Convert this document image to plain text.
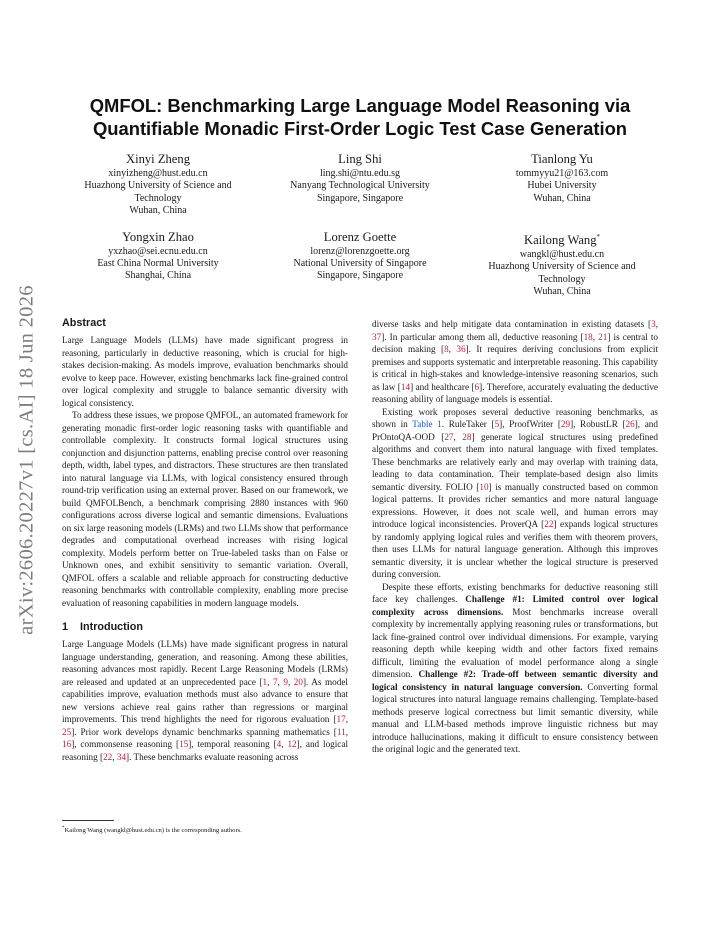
arXiv:2606.20227v1 [cs.AI] 18 Jun 2026
QMFOL: Benchmarking Large Language Model Reasoning via Quantifiable Monadic First-Order Logic Test Case Generation
Xinyi Zheng
xinyizheng@hust.edu.cn
Huazhong University of Science and Technology
Wuhan, China
Ling Shi
ling.shi@ntu.edu.sg
Nanyang Technological University
Singapore, Singapore
Tianlong Yu
tommyyu21@163.com
Hubei University
Wuhan, China
Yongxin Zhao
yxzhao@sei.ecnu.edu.cn
East China Normal University
Shanghai, China
Lorenz Goette
lorenz@lorenzgoette.org
National University of Singapore
Singapore, Singapore
Kailong Wang*
wangkl@hust.edu.cn
Huazhong University of Science and Technology
Wuhan, China
Abstract

Large Language Models (LLMs) have made significant progress in reasoning, particularly in deductive reasoning, which is crucial for high-stakes decision-making. As models improve, evaluation benchmarks should evolve to keep pace. However, existing benchmarks lack fine-grained control over logical complexity and struggle to balance semantic diversity with logical consistency.

To address these issues, we propose QMFOL, an automated framework for generating monadic first-order logic reasoning tasks with quantifiable and controllable complexity. It constructs formal logical structures using conjunction and disjunction patterns, enabling precise control over reasoning depth, width, label types, and distractors. These structures are then translated into natural language via LLMs, with logical consistency ensured through round-trip verification using an external prover. Based on our framework, we build QMFOLBench, a benchmark comprising 2880 instances with 960 configurations across diverse logical and semantic dimensions. Evaluations on six large reasoning models (LRMs) and two LLMs show that performance degrades and computational overhead increases with rising logical complexity. Models perform better on True-labeled tasks than on False or Unknown ones, and exhibit sensitivity to semantic variation. Overall, QMFOL offers a scalable and reliable approach for constructing deductive reasoning benchmarks with controllable complexity, enabling more precise evaluation of reasoning capabilities in modern language models.

1 Introduction

Large Language Models (LLMs) have made significant progress in natural language understanding, generation, and reasoning. Among these abilities, reasoning advances most rapidly. Recent Large Reasoning Models (LRMs) are released and updated at an unprecedented pace [1, 7, 9, 20]. As model capabilities improve, evaluation methods must also advance to ensure that new versions achieve real gains rather than regressions or marginal improvements. This trend highlights the need for rigorous evaluation [17, 25]. Prior work develops dynamic benchmarks spanning mathematics [11, 16], commonsense reasoning [15], temporal reasoning [4, 12], and logical reasoning [22, 34]. These benchmarks evaluate reasoning across

diverse tasks and help mitigate data contamination in existing datasets [3, 37]. In particular among them all, deductive reasoning [18, 21] is central to decision making [8, 36]. It requires deriving conclusions from explicit premises and supports systematic and interpretable reasoning. This capability is critical in high-stakes and knowledge-intensive reasoning scenarios, such as law [14] and healthcare [6]. Therefore, accurately evaluating the deductive reasoning ability of language models is essential.

Existing work proposes several deductive reasoning benchmarks, as shown in Table 1. RuleTaker [5], ProofWriter [29], RobustLR [26], and PrOntoQA-OOD [27, 28] generate logical structures using predefined algorithms and convert them into natural language with fixed templates. These benchmarks are relatively early and may overlap with training data, leading to data contamination. Their template-based design also limits semantic diversity. FOLIO [10] is manually constructed based on common logical patterns. It provides richer semantics and more natural language expressions. However, it does not scale well, and human errors may introduce logical inconsistencies. ProverQA [22] expands logical structures by randomly applying logical rules and verifies them with theorem provers, then uses LLMs for natural language generation. Although this improves semantic diversity, it is unclear whether the logical structure is preserved during conversion.

Despite these efforts, existing benchmarks for deductive reasoning still face key challenges. Challenge #1: Limited control over logical complexity across dimensions. Most benchmarks increase overall complexity by incrementally applying reasoning rules or transformations, but lack fine-grained control over individual dimensions. For example, varying reasoning depth while keeping width and other factors fixed remains difficult, limiting the evaluation of model performance along a single dimension. Challenge #2: Trade-off between semantic diversity and logical consistency in natural language conversion. Converting formal logical structures into natural language remains challenging. Template-based methods preserve logical correctness but limit semantic diversity, while manual and LLM-based methods improve linguistic richness but may introduce hallucinations, making it difficult to ensure consistency between the original logic and the generated text.

*Kailong Wang (wangkl@hust.edu.cn) is the corresponding authors.
